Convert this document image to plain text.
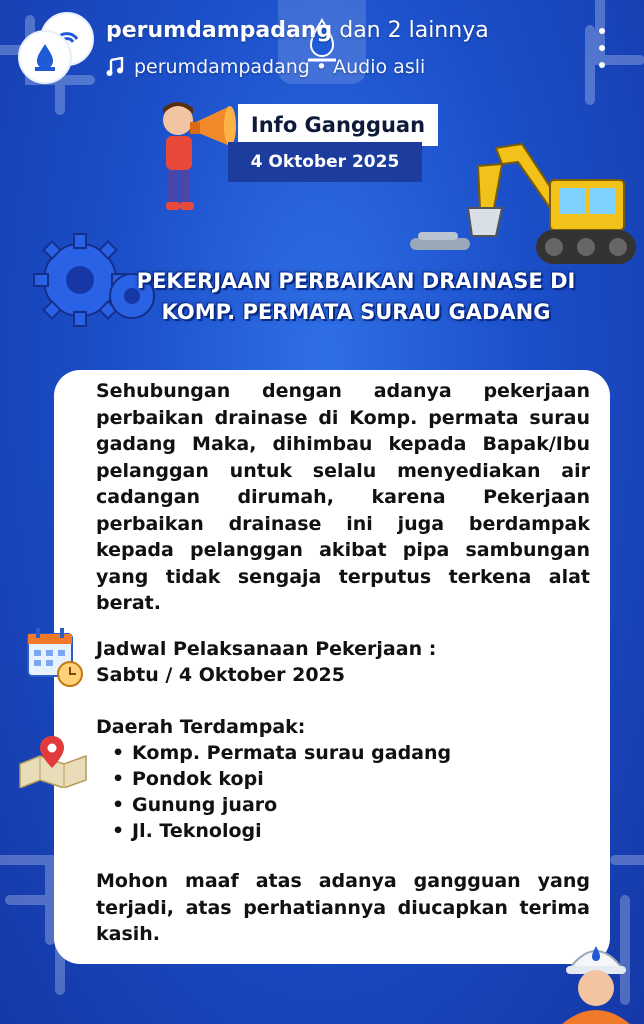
perumdampadang dan 2 lainnya
perumdampadang • Audio asli
Info Gangguan
4 Oktober 2025
PEKERJAAN PERBAIKAN DRAINASE DI
KOMP. PERMATA SURAU GADANG
Sehubungan dengan adanya pekerjaan perbaikan drainase di Komp. permata surau gadang Maka, dihimbau kepada Bapak/Ibu pelanggan untuk selalu menyediakan air cadangan dirumah, karena Pekerjaan perbaikan drainase ini juga berdampak kepada pelanggan akibat pipa sambungan yang tidak sengaja terputus terkena alat berat.
Jadwal Pelaksanaan Pekerjaan :
Sabtu / 4 Oktober 2025
Daerah Terdampak:
• Komp. Permata surau gadang
• Pondok kopi
• Gunung juaro
• Jl. Teknologi
Mohon maaf atas adanya gangguan yang terjadi, atas perhatiannya diucapkan terima kasih.
